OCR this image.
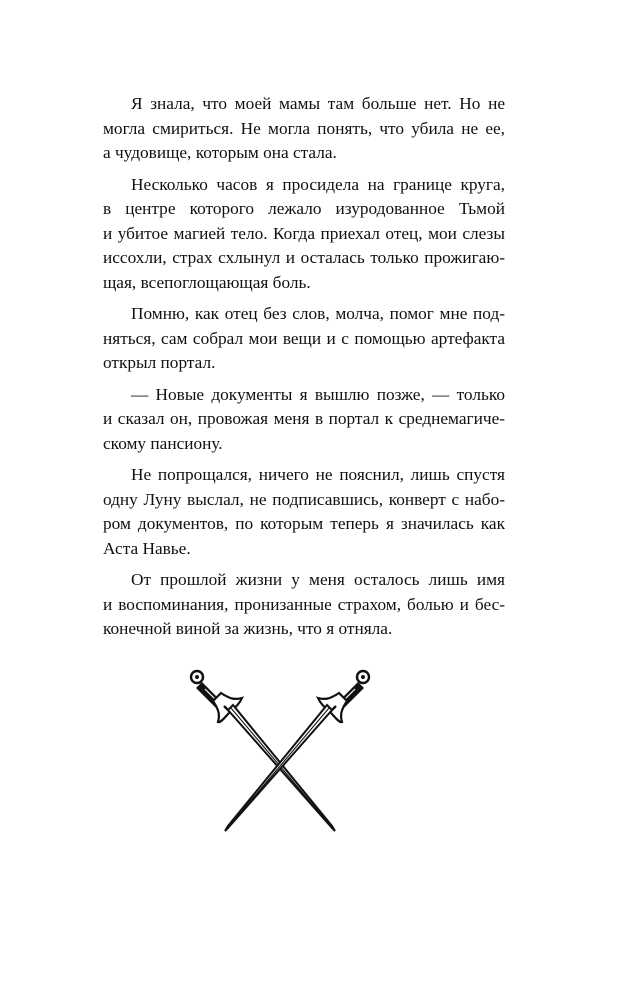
Я знала, что моей мамы там больше нет. Но не
могла смириться. Не могла понять, что убила не ее,
а чудовище, которым она стала.
Несколько часов я просидела на границе круга,
в центре которого лежало изуродованное Тьмой
и убитое магией тело. Когда приехал отец, мои слезы
иссохли, страх схлынул и осталась только прожигаю-
щая, всепоглощающая боль.
Помню, как отец без слов, молча, помог мне под-
няться, сам собрал мои вещи и с помощью артефакта
открыл портал.
— Новые документы я вышлю позже, — только
и сказал он, провожая меня в портал к среднемагиче-
скому пансиону.
Не попрощался, ничего не пояснил, лишь спустя
одну Луну выслал, не подписавшись, конверт с набо-
ром документов, по которым теперь я значилась как
Аста Навье.
От прошлой жизни у меня осталось лишь имя
и воспоминания, пронизанные страхом, болью и бес-
конечной виной за жизнь, что я отняла.
